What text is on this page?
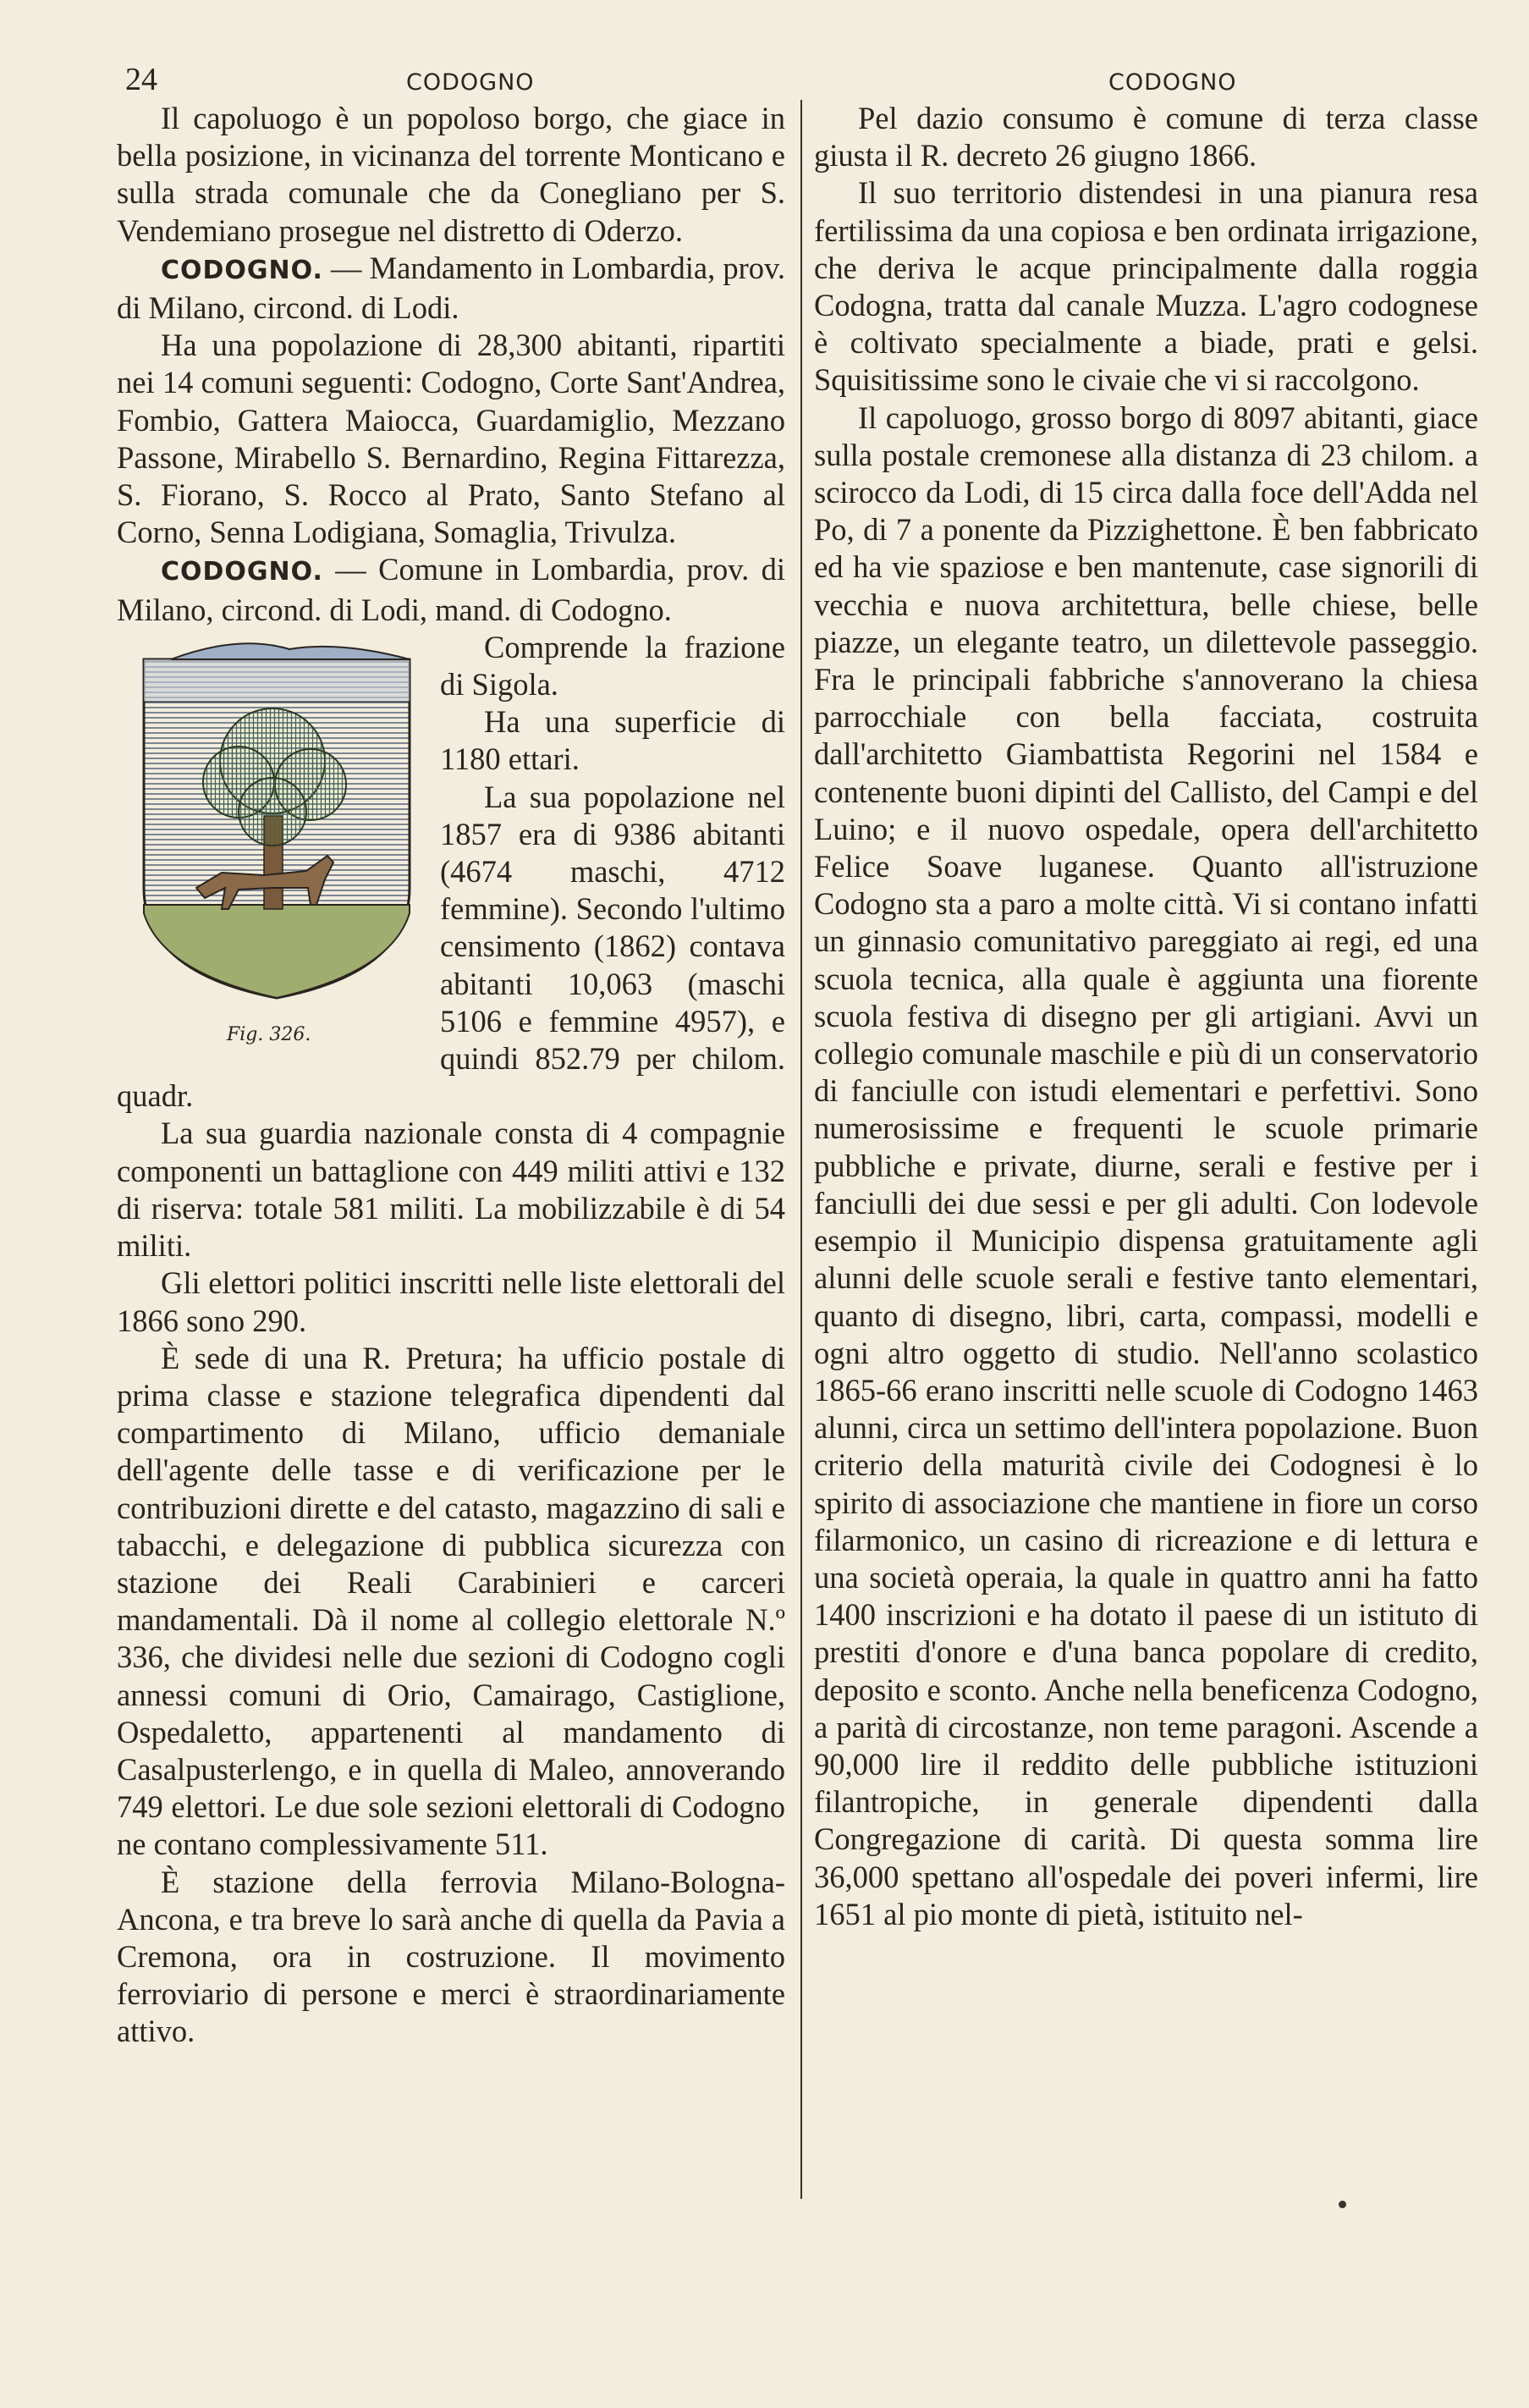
24	CODOGNO	CODOGNO

Il capoluogo è un popoloso borgo, che giace in bella posizione, in vicinanza del torrente Monticano e sulla strada comunale che da Conegliano per S. Vendemiano prosegue nel distretto di Oderzo.

CODOGNO. — Mandamento in Lombardia, prov. di Milano, circond. di Lodi.

Ha una popolazione di 28,300 abitanti, ripartiti nei 14 comuni seguenti: Codogno, Corte Sant'Andrea, Fombio, Gattera Maiocca, Guardamiglio, Mezzano Passone, Mirabello S. Bernardino, Regina Fittarezza, S. Fiorano, S. Rocco al Prato, Santo Stefano al Corno, Senna Lodigiana, Somaglia, Trivulza.

CODOGNO. — Comune in Lombardia, prov. di Milano, circond. di Lodi, mand. di Codogno.

Fig. 326.

Comprende la frazione di Sigola.

Ha una superficie di 1180 ettari.

La sua popolazione nel 1857 era di 9386 abitanti (4674 maschi, 4712 femmine). Secondo l'ultimo censimento (1862) contava abitanti 10,063 (maschi 5106 e femmine 4957), e quindi 852.79 per chilom. quadr.

La sua guardia nazionale consta di 4 compagnie componenti un battaglione con 449 militi attivi e 132 di riserva: totale 581 militi. La mobilizzabile è di 54 militi.

Gli elettori politici inscritti nelle liste elettorali del 1866 sono 290.

È sede di una R. Pretura; ha ufficio postale di prima classe e stazione telegrafica dipendenti dal compartimento di Milano, ufficio demaniale dell'agente delle tasse e di verificazione per le contribuzioni dirette e del catasto, magazzino di sali e tabacchi, e delegazione di pubblica sicurezza con stazione dei Reali Carabinieri e carceri mandamentali. Dà il nome al collegio elettorale N.º 336, che dividesi nelle due sezioni di Codogno cogli annessi comuni di Orio, Camairago, Castiglione, Ospedaletto, appartenenti al mandamento di Casalpusterlengo, e in quella di Maleo, annoverando 749 elettori. Le due sole sezioni elettorali di Codogno ne contano complessivamente 511.

È stazione della ferrovia Milano-Bologna-Ancona, e tra breve lo sarà anche di quella da Pavia a Cremona, ora in costruzione. Il movimento ferroviario di persone e merci è straordinariamente attivo.

Pel dazio consumo è comune di terza classe giusta il R. decreto 26 giugno 1866.

Il suo territorio distendesi in una pianura resa fertilissima da una copiosa e ben ordinata irrigazione, che deriva le acque principalmente dalla roggia Codogna, tratta dal canale Muzza. L'agro codognese è coltivato specialmente a biade, prati e gelsi. Squisitissime sono le civaie che vi si raccolgono.

Il capoluogo, grosso borgo di 8097 abitanti, giace sulla postale cremonese alla distanza di 23 chilom. a scirocco da Lodi, di 15 circa dalla foce dell'Adda nel Po, di 7 a ponente da Pizzighettone. È ben fabbricato ed ha vie spaziose e ben mantenute, case signorili di vecchia e nuova architettura, belle chiese, belle piazze, un elegante teatro, un dilettevole passeggio. Fra le principali fabbriche s'annoverano la chiesa parrocchiale con bella facciata, costruita dall'architetto Giambattista Regorini nel 1584 e contenente buoni dipinti del Callisto, del Campi e del Luino; e il nuovo ospedale, opera dell'architetto Felice Soave luganese. Quanto all'istruzione Codogno sta a paro a molte città. Vi si contano infatti un ginnasio comunitativo pareggiato ai regi, ed una scuola tecnica, alla quale è aggiunta una fiorente scuola festiva di disegno per gli artigiani. Avvi un collegio comunale maschile e più di un conservatorio di fanciulle con istudi elementari e perfettivi. Sono numerosissime e frequenti le scuole primarie pubbliche e private, diurne, serali e festive per i fanciulli dei due sessi e per gli adulti. Con lodevole esempio il Municipio dispensa gratuitamente agli alunni delle scuole serali e festive tanto elementari, quanto di disegno, libri, carta, compassi, modelli e ogni altro oggetto di studio. Nell'anno scolastico 1865-66 erano inscritti nelle scuole di Codogno 1463 alunni, circa un settimo dell'intera popolazione. Buon criterio della maturità civile dei Codognesi è lo spirito di associazione che mantiene in fiore un corso filarmonico, un casino di ricreazione e di lettura e una società operaia, la quale in quattro anni ha fatto 1400 inscrizioni e ha dotato il paese di un istituto di prestiti d'onore e d'una banca popolare di credito, deposito e sconto. Anche nella beneficenza Codogno, a parità di circostanze, non teme paragoni. Ascende a 90,000 lire il reddito delle pubbliche istituzioni filantropiche, in generale dipendenti dalla Congregazione di carità. Di questa somma lire 36,000 spettano all'ospedale dei poveri infermi, lire 1651 al pio monte di pietà, istituito nel-
